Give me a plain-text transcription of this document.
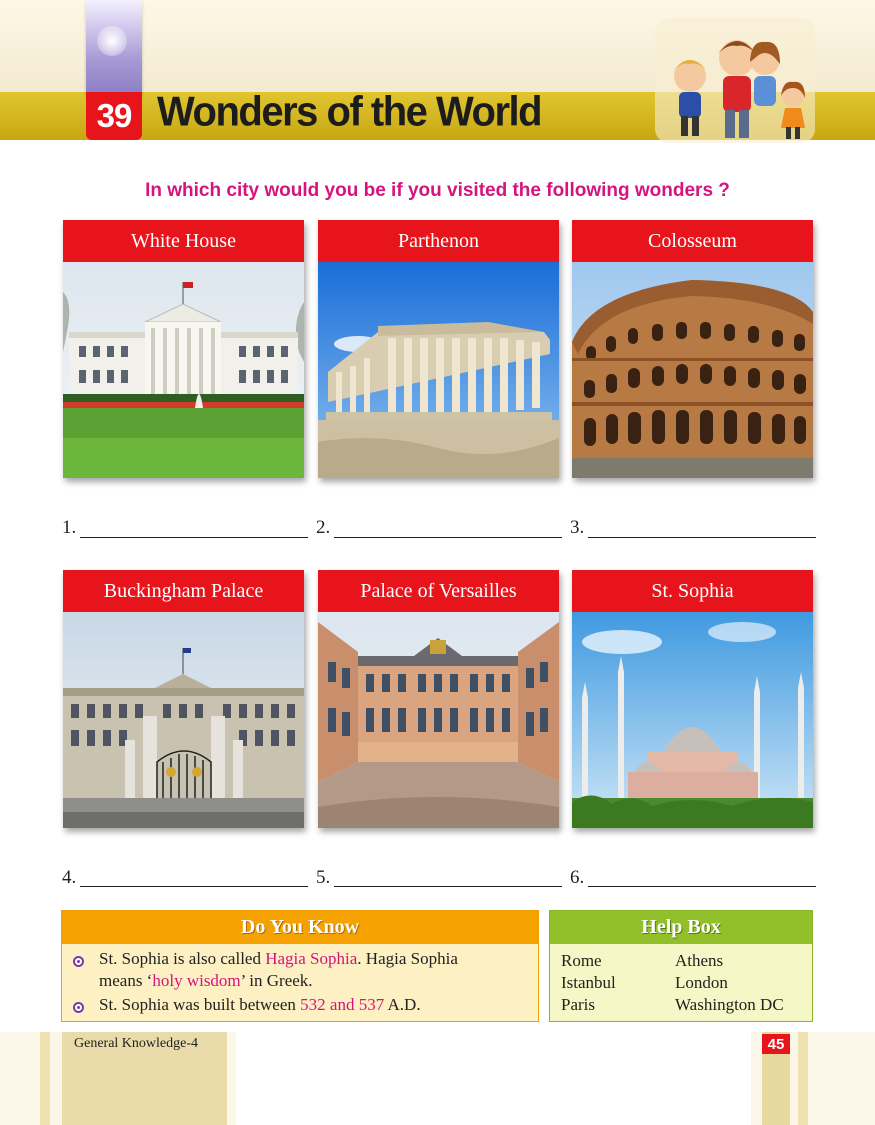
39 Wonders of the World
In which city would you be if you visited the following wonders ?
White House	Parthenon	Colosseum
1.	2.	3.
Buckingham Palace	Palace of Versailles	St. Sophia
4.	5.	6.
Do You Know
St. Sophia is also called Hagia Sophia. Hagia Sophia
means ‘holy wisdom’ in Greek.
St. Sophia was built between 532 and 537 A.D.
Help Box
Rome	Athens
Istanbul	London
Paris	Washington DC
General Knowledge-4	45
